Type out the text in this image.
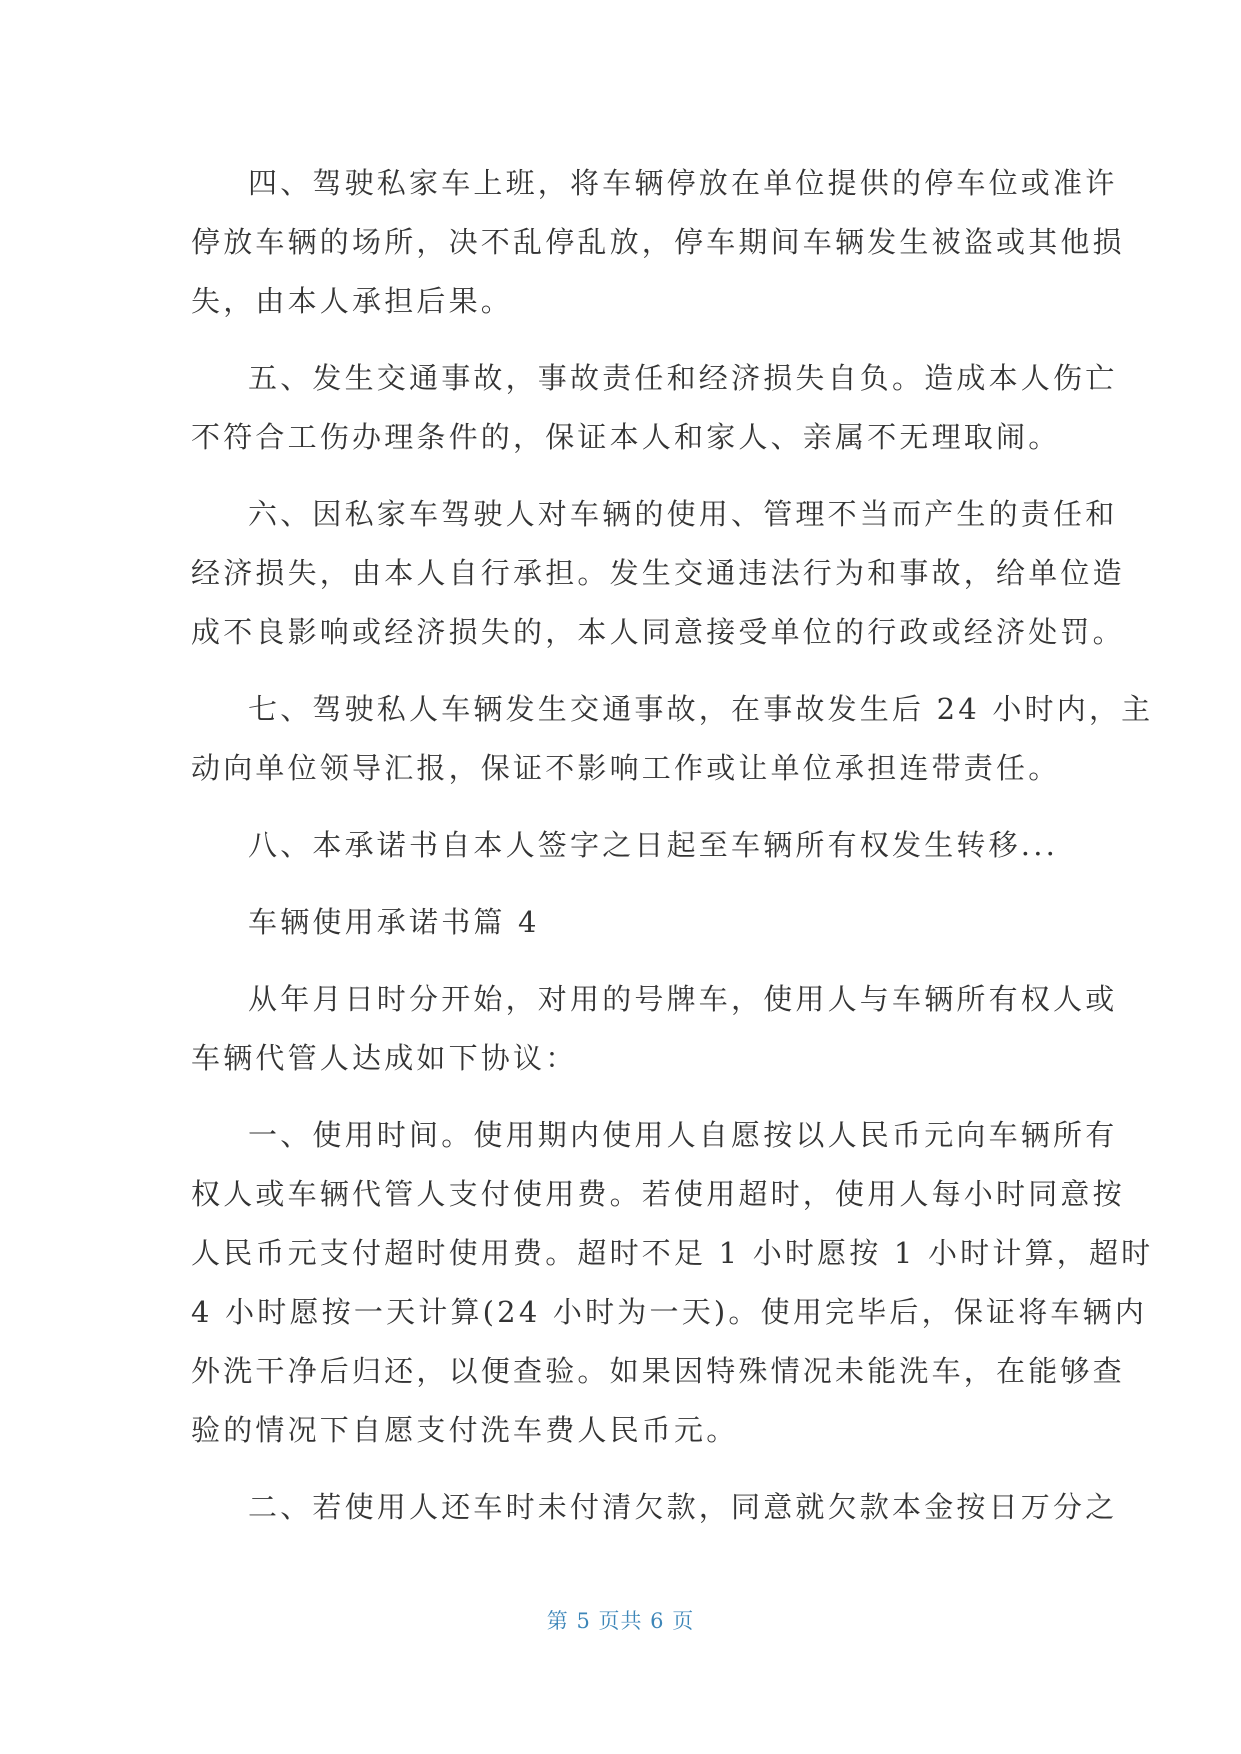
四、驾驶私家车上班，将车辆停放在单位提供的停车位或准许
停放车辆的场所，决不乱停乱放，停车期间车辆发生被盗或其他损
失，由本人承担后果。
五、发生交通事故，事故责任和经济损失自负。造成本人伤亡
不符合工伤办理条件的，保证本人和家人、亲属不无理取闹。
六、因私家车驾驶人对车辆的使用、管理不当而产生的责任和
经济损失，由本人自行承担。发生交通违法行为和事故，给单位造
成不良影响或经济损失的，本人同意接受单位的行政或经济处罚。
七、驾驶私人车辆发生交通事故，在事故发生后 24 小时内，主
动向单位领导汇报，保证不影响工作或让单位承担连带责任。
八、本承诺书自本人签字之日起至车辆所有权发生转移...
车辆使用承诺书篇 4
从年月日时分开始，对用的号牌车，使用人与车辆所有权人或
车辆代管人达成如下协议：
一、使用时间。使用期内使用人自愿按以人民币元向车辆所有
权人或车辆代管人支付使用费。若使用超时，使用人每小时同意按
人民币元支付超时使用费。超时不足 1 小时愿按 1 小时计算，超时
4 小时愿按一天计算(24 小时为一天)。使用完毕后，保证将车辆内
外洗干净后归还，以便查验。如果因特殊情况未能洗车，在能够查
验的情况下自愿支付洗车费人民币元。
二、若使用人还车时未付清欠款，同意就欠款本金按日万分之
第 5 页共 6 页
